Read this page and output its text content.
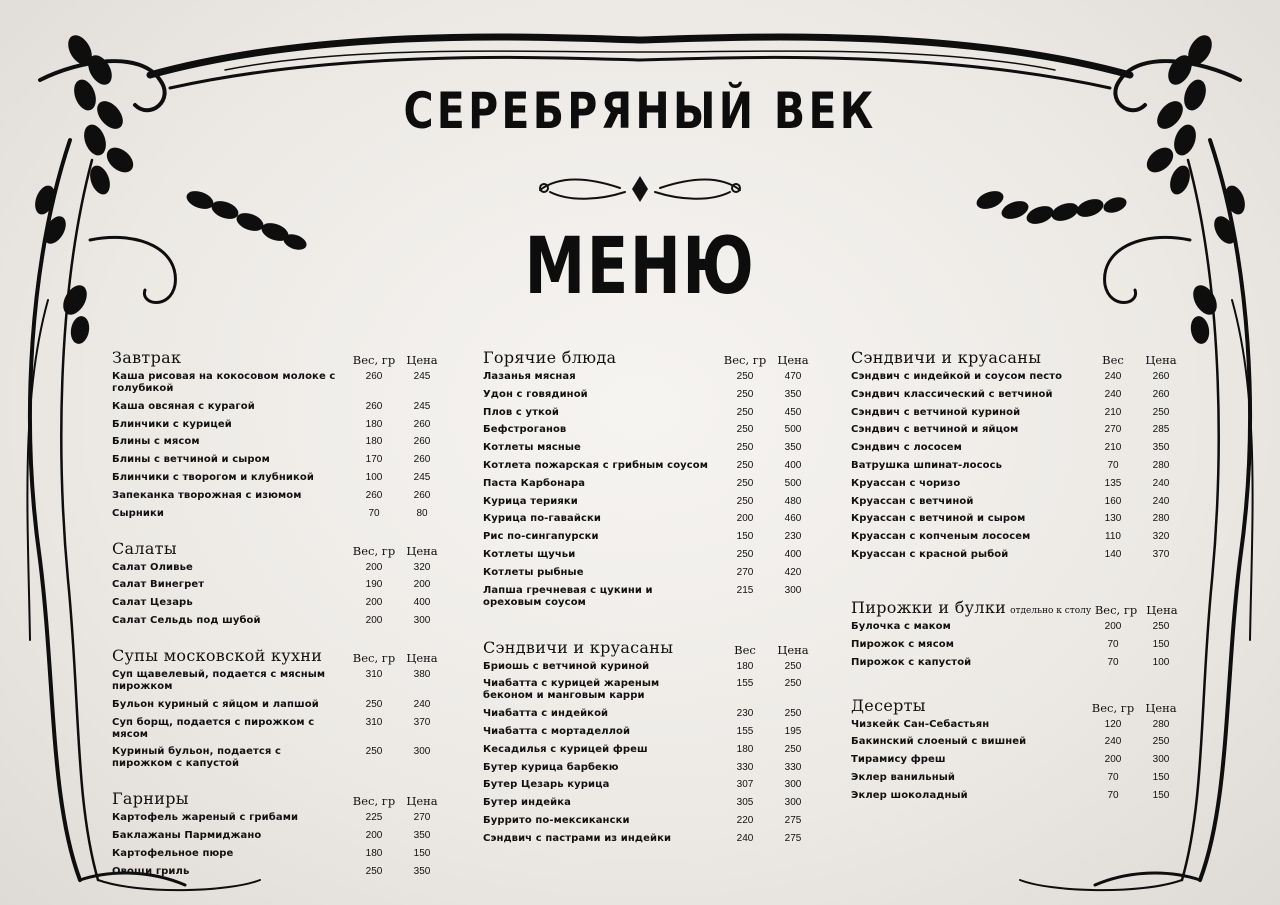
СЕРЕБРЯНЫЙ ВЕК
МЕНЮ
Завтрак	Вес, гр Цена
Каша рисовая на кокосовом молоке с голубикой
260	245
Каша овсяная с курагой	260	245
Блинчики с курицей	180	260
Блины с мясом	180	260
Блины с ветчиной и сыром	170	260
Блинчики с творогом и клубникой	100	245
Запеканка творожная с изюмом	260	260
Сырники	70	80
Салаты	Вес, гр Цена
Салат Оливье	200	320
Салат Винегрет	190	200
Салат Цезарь	200	400
Салат Сельдь под шубой	200	300
Супы московской кухни	Вес, гр Цена
Суп щавелевый, подается с мясным пирожком
310	380
Бульон куриный с яйцом и лапшой	250	240
Суп борщ, подается с пирожком с мясом
310	370
Куриный бульон, подается с пирожком с капустой
250	300
Гарниры	Вес, гр Цена
Картофель жареный с грибами	225	270
Баклажаны Пармиджано	200	350
Картофельное пюре	180	150
Овощи гриль	250	350
Горячие блюда	Вес, гр Цена
Лазанья мясная	250	470
Удон с говядиной	250	350
Плов с уткой	250	450
Бефстроганов	250	500
Котлеты мясные	250	350
Котлета пожарская с грибным соусом	250	400
Паста Карбонара	250	500
Курица терияки	250	480
Курица по-гавайски	200	460
Рис по-сингапурски	150	230
Котлеты щучьи	250	400
Котлеты рыбные	270	420
Лапша гречневая с цукини и ореховым соусом
215	300
Сэндвичи и круасаны	Вес	Цена
Бриошь с ветчиной куриной	180	250
Чиабатта с курицей жареным беконом и манговым карри
155	250
Чиабатта с индейкой	230	250
Чиабатта с мортаделлой	155	195
Кесадилья с курицей фреш	180	250
Бутер курица барбекю	330	330
Бутер Цезарь курица	307	300
Бутер индейка	305	300
Буррито по-мексикански	220	275
Сэндвич с пастрами из индейки	240	275
Сэндвичи и круасаны	Вес	Цена
Сэндвич с индейкой и соусом песто	240	260
Сэндвич классический с ветчиной	240	260
Сэндвич с ветчиной куриной	210	250
Сэндвич с ветчиной и яйцом	270	285
Сэндвич с лососем	210	350
Ватрушка шпинат-лосось	70	280
Круассан с чоризо	135	240
Круассан с ветчиной	160	240
Круассан с ветчиной и сыром	130	280
Круассан с копченым лососем	110	320
Круассан с красной рыбой	140	370
Пирожки и булки отдельно к столу Вес, гр Цена
Булочка с маком	200	250
Пирожок с мясом	70	150
Пирожок с капустой	70	100
Десерты	Вес, гр Цена
Чизкейк Сан-Себастьян	120	280
Бакинский слоеный с вишней	240	250
Тирамису фреш	200	300
Эклер ванильный	70	150
Эклер шоколадный	70	150
